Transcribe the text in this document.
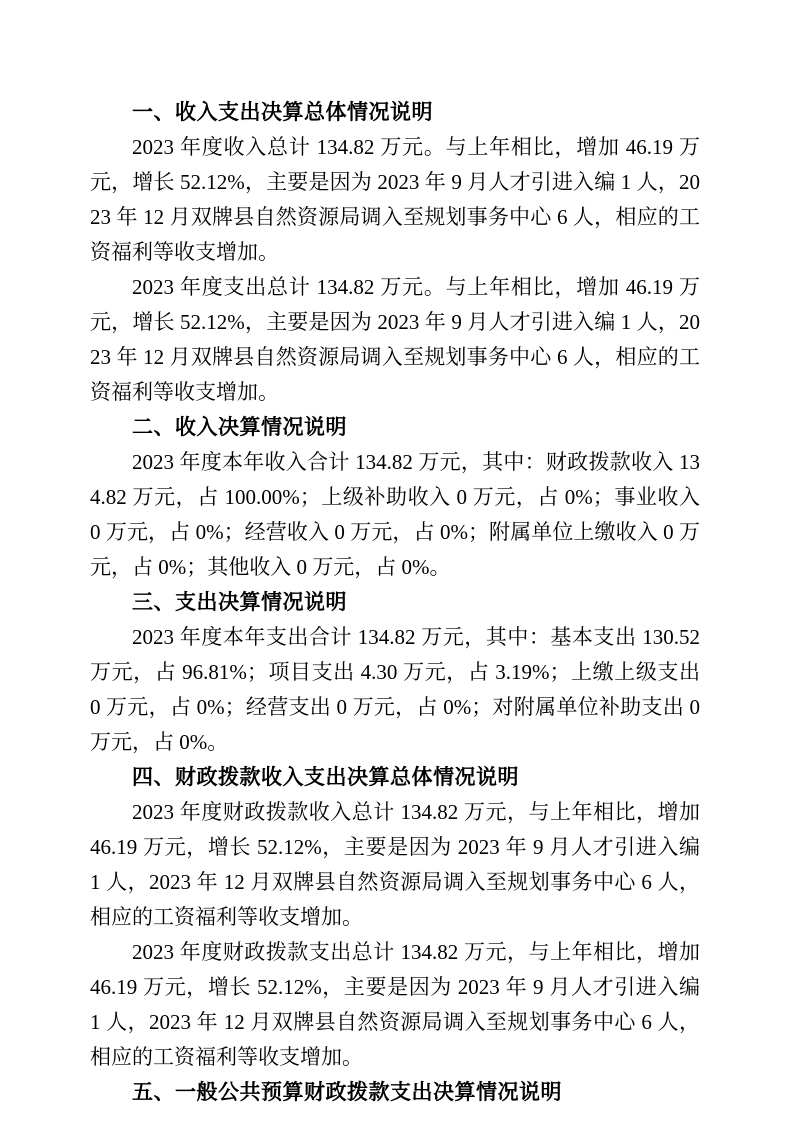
一、收入支出决算总体情况说明

2023 年度收入总计 134.82 万元。与上年相比，增加 46.19 万元，增长 52.12%，主要是因为 2023 年 9 月人才引进入编 1 人，2023 年 12 月双牌县自然资源局调入至规划事务中心 6 人，相应的工资福利等收支增加。

2023 年度支出总计 134.82 万元。与上年相比，增加 46.19 万元，增长 52.12%，主要是因为 2023 年 9 月人才引进入编 1 人，2023 年 12 月双牌县自然资源局调入至规划事务中心 6 人，相应的工资福利等收支增加。

二、收入决算情况说明

2023 年度本年收入合计 134.82 万元，其中：财政拨款收入 134.82 万元，占 100.00%；上级补助收入 0 万元，占 0%；事业收入 0 万元，占 0%；经营收入 0 万元，占 0%；附属单位上缴收入 0 万元，占 0%；其他收入 0 万元，占 0%。

三、支出决算情况说明

2023 年度本年支出合计 134.82 万元，其中：基本支出 130.52 万元，占 96.81%；项目支出 4.30 万元，占 3.19%；上缴上级支出 0 万元，占 0%；经营支出 0 万元，占 0%；对附属单位补助支出 0 万元，占 0%。

四、财政拨款收入支出决算总体情况说明

2023 年度财政拨款收入总计 134.82 万元，与上年相比，增加 46.19 万元，增长 52.12%，主要是因为 2023 年 9 月人才引进入编 1 人，2023 年 12 月双牌县自然资源局调入至规划事务中心 6 人，相应的工资福利等收支增加。

2023 年度财政拨款支出总计 134.82 万元，与上年相比，增加 46.19 万元，增长 52.12%，主要是因为 2023 年 9 月人才引进入编 1 人，2023 年 12 月双牌县自然资源局调入至规划事务中心 6 人，相应的工资福利等收支增加。

五、一般公共预算财政拨款支出决算情况说明
